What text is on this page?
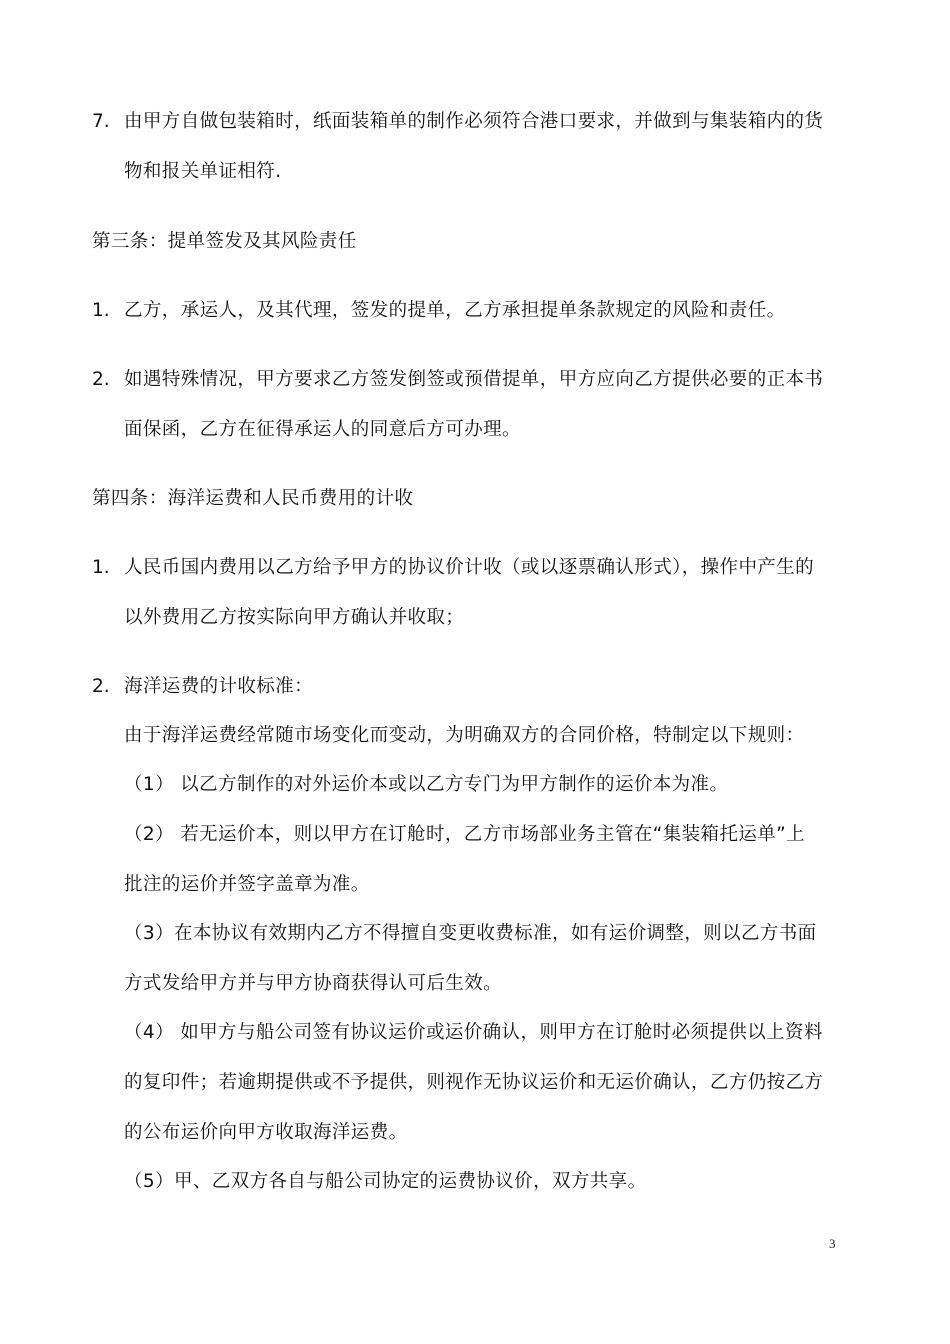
7. 由甲方自做包装箱时，纸面装箱单的制作必须符合港口要求，并做到与集装箱内的货
物和报关单证相符.
第三条：提单签发及其风险责任
1. 乙方，承运人，及其代理，签发的提单，乙方承担提单条款规定的风险和责任。
2. 如遇特殊情况，甲方要求乙方签发倒签或预借提单，甲方应向乙方提供必要的正本书
面保函，乙方在征得承运人的同意后方可办理。
第四条：海洋运费和人民币费用的计收
1. 人民币国内费用以乙方给予甲方的协议价计收（或以逐票确认形式），操作中产生的
以外费用乙方按实际向甲方确认并收取；
2. 海洋运费的计收标准：
由于海洋运费经常随市场变化而变动，为明确双方的合同价格，特制定以下规则：
（1） 以乙方制作的对外运价本或以乙方专门为甲方制作的运价本为准。
（2） 若无运价本，则以甲方在订舱时，乙方市场部业务主管在“集装箱托运单”上
批注的运价并签字盖章为准。
（3）在本协议有效期内乙方不得擅自变更收费标准，如有运价调整，则以乙方书面
方式发给甲方并与甲方协商获得认可后生效。
（4） 如甲方与船公司签有协议运价或运价确认，则甲方在订舱时必须提供以上资料
的复印件；若逾期提供或不予提供，则视作无协议运价和无运价确认，乙方仍按乙方
的公布运价向甲方收取海洋运费。
（5）甲、乙双方各自与船公司协定的运费协议价，双方共享。
3
